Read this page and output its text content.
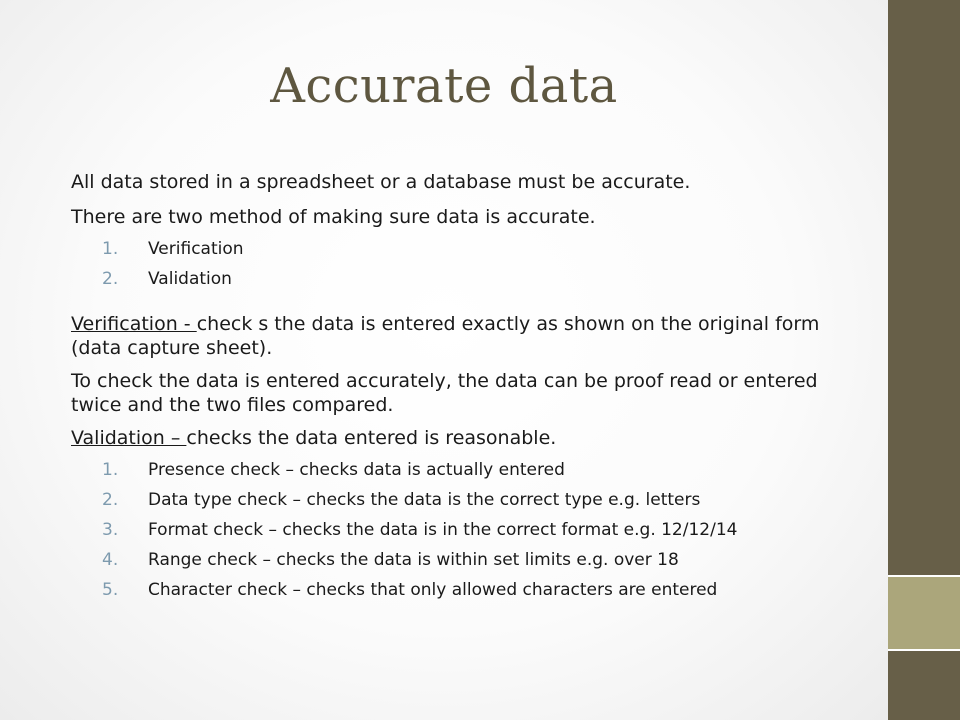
Accurate data

All data stored in a spreadsheet or a database must be accurate.

There are two method of making sure data is accurate.

1. Verification
2. Validation

Verification - check s the data is entered exactly as shown on the original form (data capture sheet).

To check the data is entered accurately, the data can be proof read or entered twice and the two files compared.

Validation – checks the data entered is reasonable.

1. Presence check – checks data is actually entered
2. Data type check – checks the data is the correct type e.g. letters
3. Format check – checks the data is in the correct format e.g. 12/12/14
4. Range check – checks the data is within set limits e.g. over 18
5. Character check – checks that only allowed characters are entered
